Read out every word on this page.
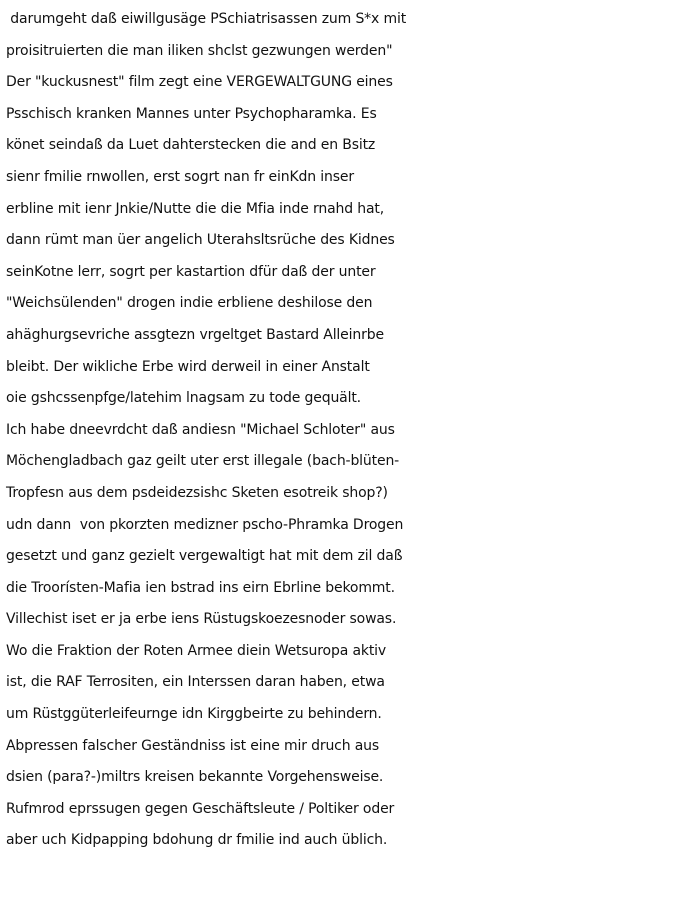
darumgeht daß eiwillgusäge PSchiatrisassen zum S*x mit
proisitruierten die man iliken shclst gezwungen werden"
Der "kuckusnest" film zegt eine VERGEWALTGUNG eines
Psschisch kranken Mannes unter Psychopharamka. Es
könet seindaß da Luet dahterstecken die and en Bsitz
sienr fmilie rnwollen, erst sogrt nan fr einKdn inser
erbline mit ienr Jnkie/Nutte die die Mfia inde rnahd hat,
dann rümt man üer angelich Uterahsltsrüche des Kidnes
seinKotne lerr, sogrt per kastartion dfür daß der unter
"Weichsülenden" drogen indie erbliene deshilose den
ahäghurgsevriche assgtezn vrgeltget Bastard Alleinrbe
bleibt. Der wikliche Erbe wird derweil in einer Anstalt
oie gshcssenpfge/latehim lnagsam zu tode gequält.
Ich habe dneevrdcht daß andiesn "Michael Schloter" aus
Möchengladbach gaz geilt uter erst illegale (bach-blüten-
Tropfesn aus dem psdeidezsishc Sketen esotreik shop?)
udn dann  von pkorzten medizner pscho-Phramka Drogen
gesetzt und ganz gezielt vergewaltigt hat mit dem zil daß
die Troorísten-Mafia ien bstrad ins eirn Ebrline bekommt.
Villechist iset er ja erbe iens Rüstugskoezesnoder sowas.
Wo die Fraktion der Roten Armee diein Wetsuropa aktiv
ist, die RAF Terrositen, ein Interssen daran haben, etwa
um Rüstggüterleifeurnge idn Kirggbeirte zu behindern.
Abpressen falscher Geständniss ist eine mir druch aus
dsien (para?-)miltrs kreisen bekannte Vorgehensweise.
Rufmrod eprssugen gegen Geschäftsleute / Poltiker oder
aber uch Kidpapping bdohung dr fmilie ind auch üblich.
